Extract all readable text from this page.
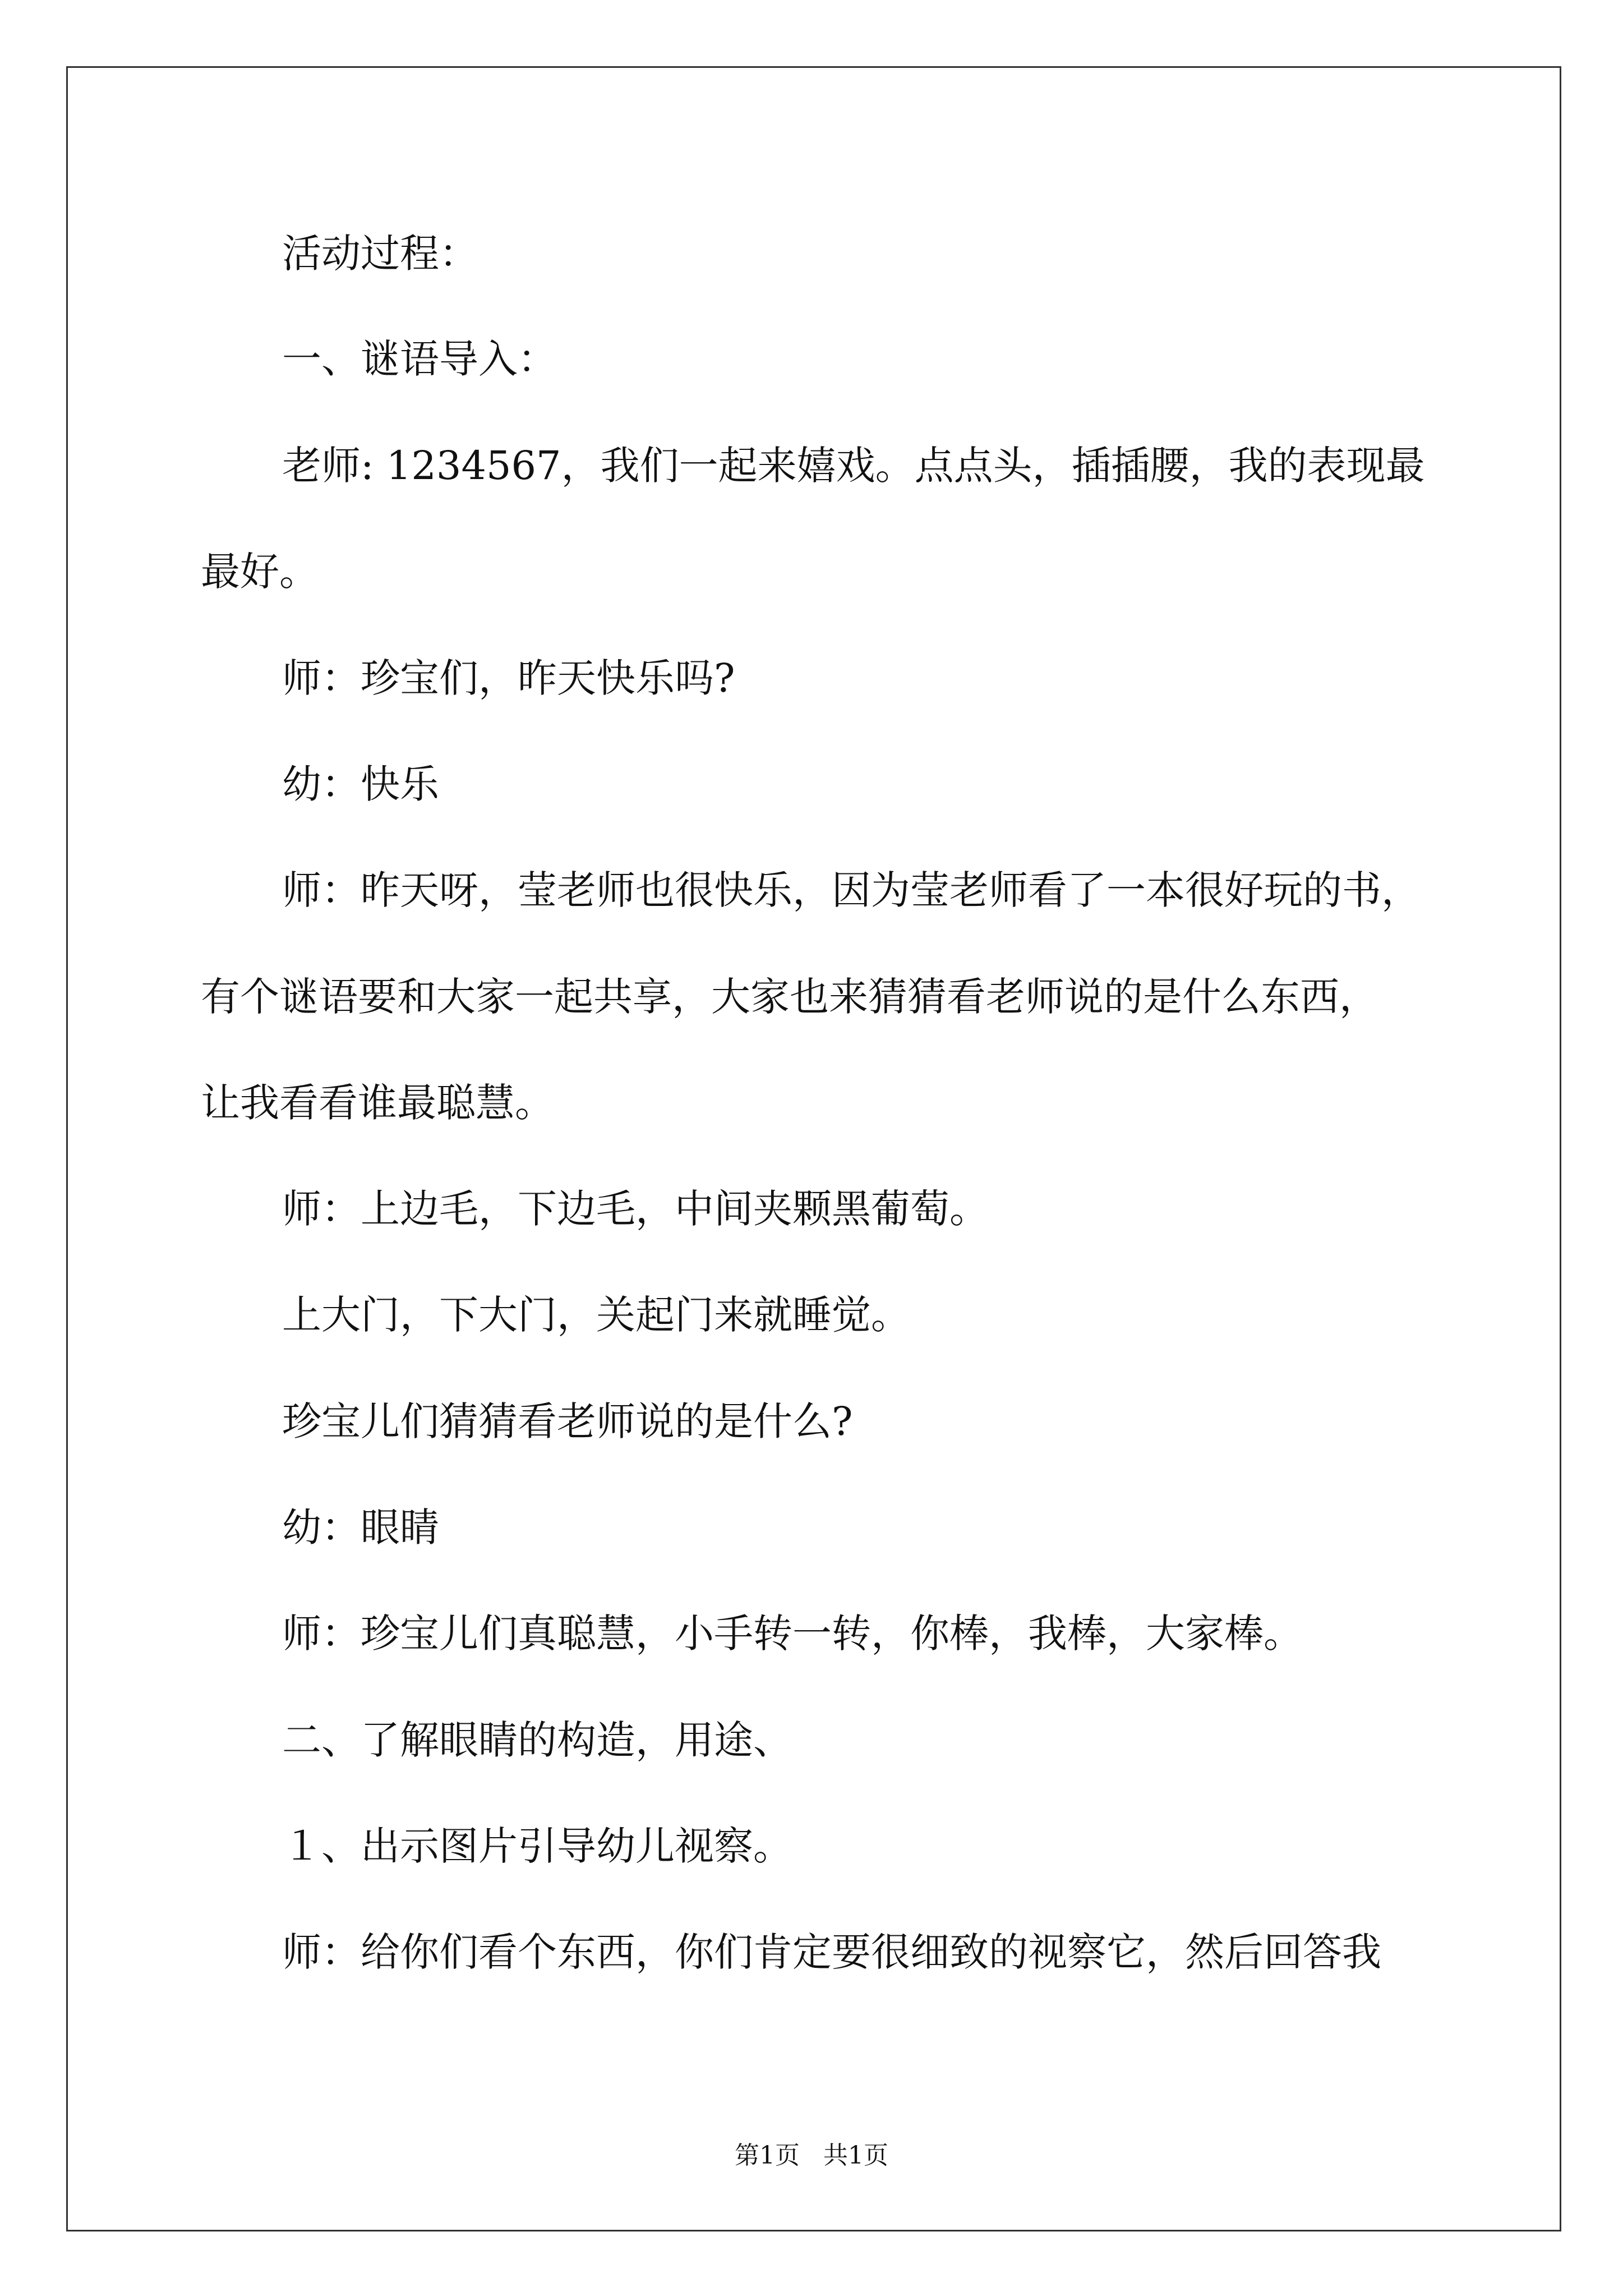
活动过程：

一、谜语导入：

老师: 1234567，我们一起来嬉戏。点点头，插插腰，我的表现最

最好。

师：珍宝们，昨天快乐吗?

幼：快乐

师：昨天呀，莹老师也很快乐，因为莹老师看了一本很好玩的书，

有个谜语要和大家一起共享，大家也来猜猜看老师说的是什么东西，

让我看看谁最聪慧。

师：上边毛，下边毛，中间夹颗黑葡萄。

上大门，下大门，关起门来就睡觉。

珍宝儿们猜猜看老师说的是什么?

幼：眼睛

师：珍宝儿们真聪慧，小手转一转，你棒，我棒，大家棒。

二、了解眼睛的构造，用途、

１、出示图片引导幼儿视察。

师：给你们看个东西，你们肯定要很细致的视察它，然后回答我

第1页 共1页
